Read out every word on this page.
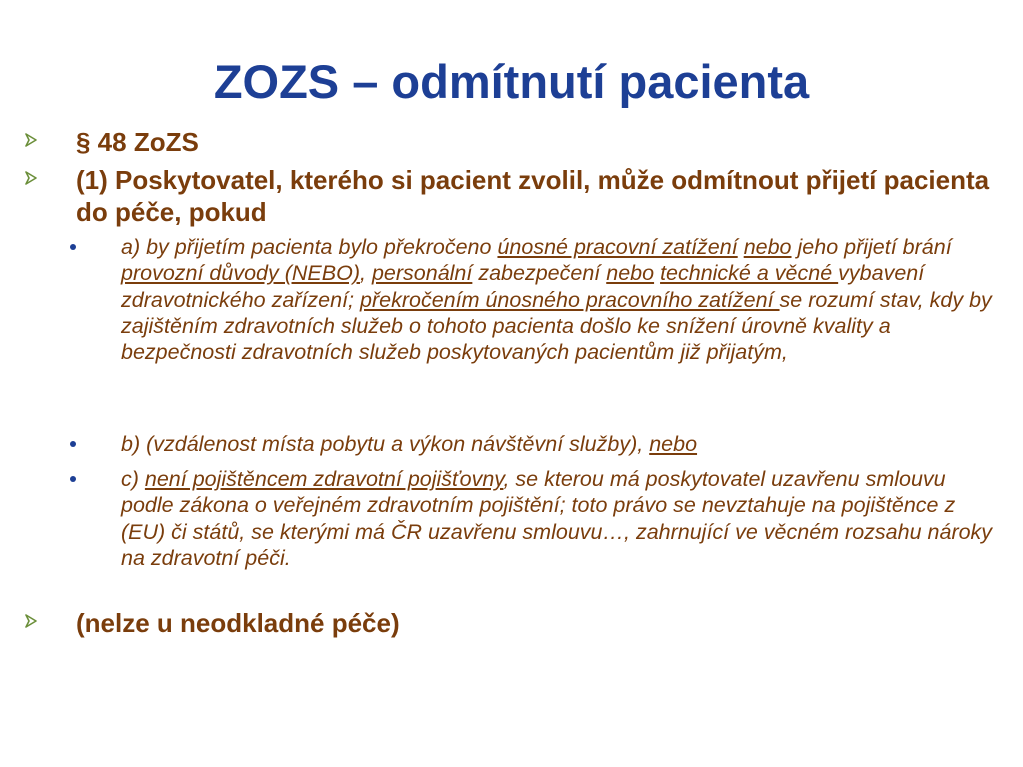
ZOZS – odmítnutí pacienta
§ 48 ZoZS
(1) Poskytovatel, kterého si pacient zvolil, může odmítnout přijetí pacienta do péče, pokud
a) by přijetím pacienta bylo překročeno únosné pracovní zatížení nebo jeho přijetí brání provozní důvody (NEBO), personální zabezpečení nebo technické a věcné vybavení zdravotnického zařízení; překročením únosného pracovního zatížení se rozumí stav, kdy by zajištěním zdravotních služeb o tohoto pacienta došlo ke snížení úrovně kvality a bezpečnosti zdravotních služeb poskytovaných pacientům již přijatým,
b) (vzdálenost místa pobytu a výkon návštěvní služby), nebo
c) není pojištěncem zdravotní pojišťovny, se kterou má poskytovatel uzavřenu smlouvu podle zákona o veřejném zdravotním pojištění; toto právo se nevztahuje na pojištěnce z (EU) či států, se kterými má ČR uzavřenu smlouvu…, zahrnující ve věcném rozsahu nároky na zdravotní péči.
(nelze u neodkladné péče)
